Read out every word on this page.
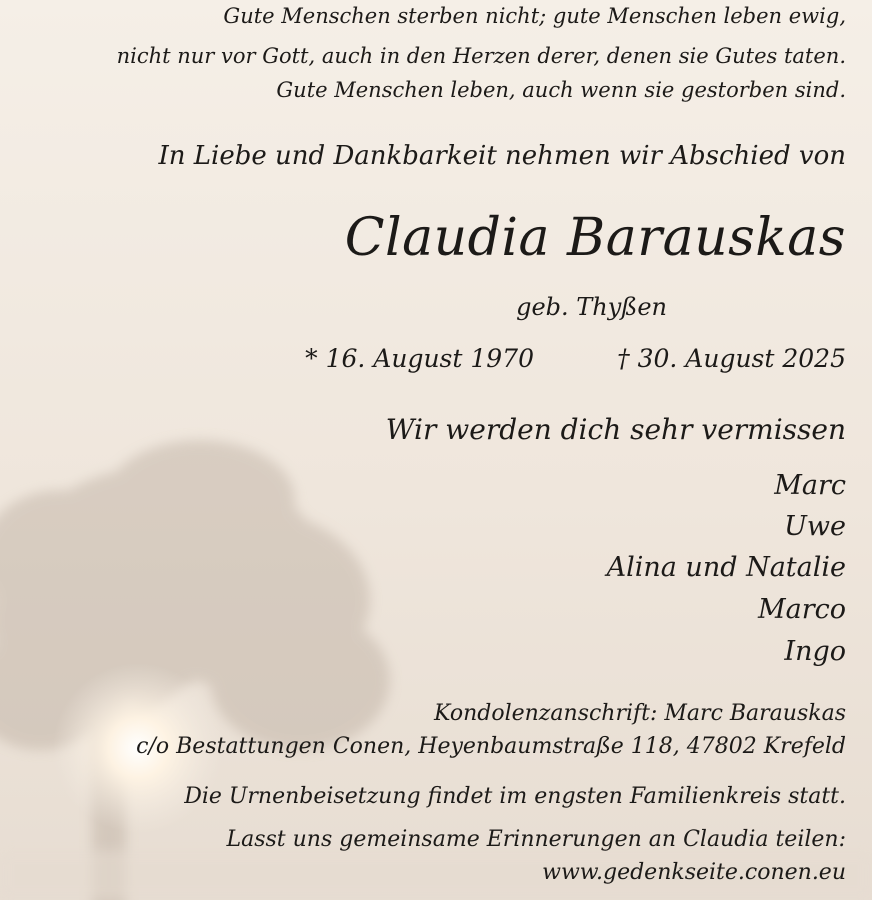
Gute Menschen sterben nicht; gute Menschen leben ewig,

nicht nur vor Gott, auch in den Herzen derer, denen sie Gutes taten.

Gute Menschen leben, auch wenn sie gestorben sind.

In Liebe und Dankbarkeit nehmen wir Abschied von

Claudia Barauskas

geb. Thyßen

* 16. August 1970	† 30. August 2025

Wir werden dich sehr vermissen

Marc

Uwe

Alina und Natalie

Marco

Ingo

Kondolenzanschrift: Marc Barauskas

c/o Bestattungen Conen, Heyenbaumstraße 118, 47802 Krefeld

Die Urnenbeisetzung findet im engsten Familienkreis statt.

Lasst uns gemeinsame Erinnerungen an Claudia teilen:

www.gedenkseite.conen.eu
